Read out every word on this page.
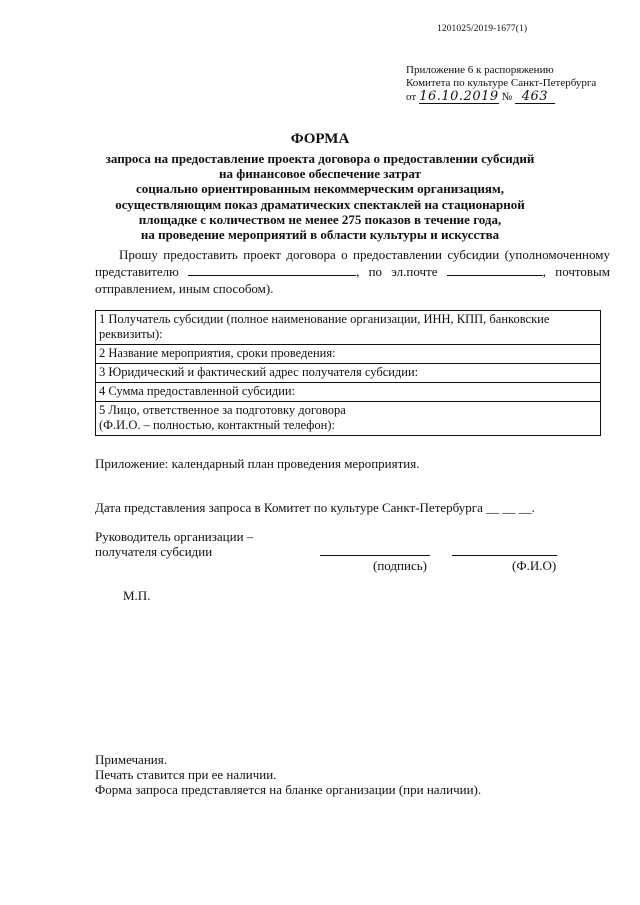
1201025/2019-1677(1)
Приложение 6 к распоряжению
Комитета по культуре Санкт-Петербурга
от 16.10.2019 № 463
ФОРМА
запроса на предоставление проекта договора о предоставлении субсидий
на финансовое обеспечение затрат
социально ориентированным некоммерческим организациям,
осуществляющим показ драматических спектаклей на стационарной
площадке с количеством не менее 275 показов в течение года,
на проведение мероприятий в области культуры и искусства

Прошу предоставить проект договора о предоставлении субсидии (уполномоченному представителю	, по эл.почте	, почтовым отправлением, иным способом).

1 Получатель субсидии (полное наименование организации, ИНН, КПП, банковские реквизиты):
2 Название мероприятия, сроки проведения:
3 Юридический и фактический адрес получателя субсидии:
4 Сумма предоставленной субсидии:

5 Лицо, ответственное за подготовку договора
(Ф.И.О. – полностью, контактный телефон):
Приложение: календарный план проведения мероприятия.
Дата представления запроса в Комитет по культуре Санкт-Петербурга __ __ __.
Руководитель организации –
получателя субсидии
(подпись)	(Ф.И.О)
М.П.
Примечания.
Печать ставится при ее наличии.
Форма запроса представляется на бланке организации (при наличии).
